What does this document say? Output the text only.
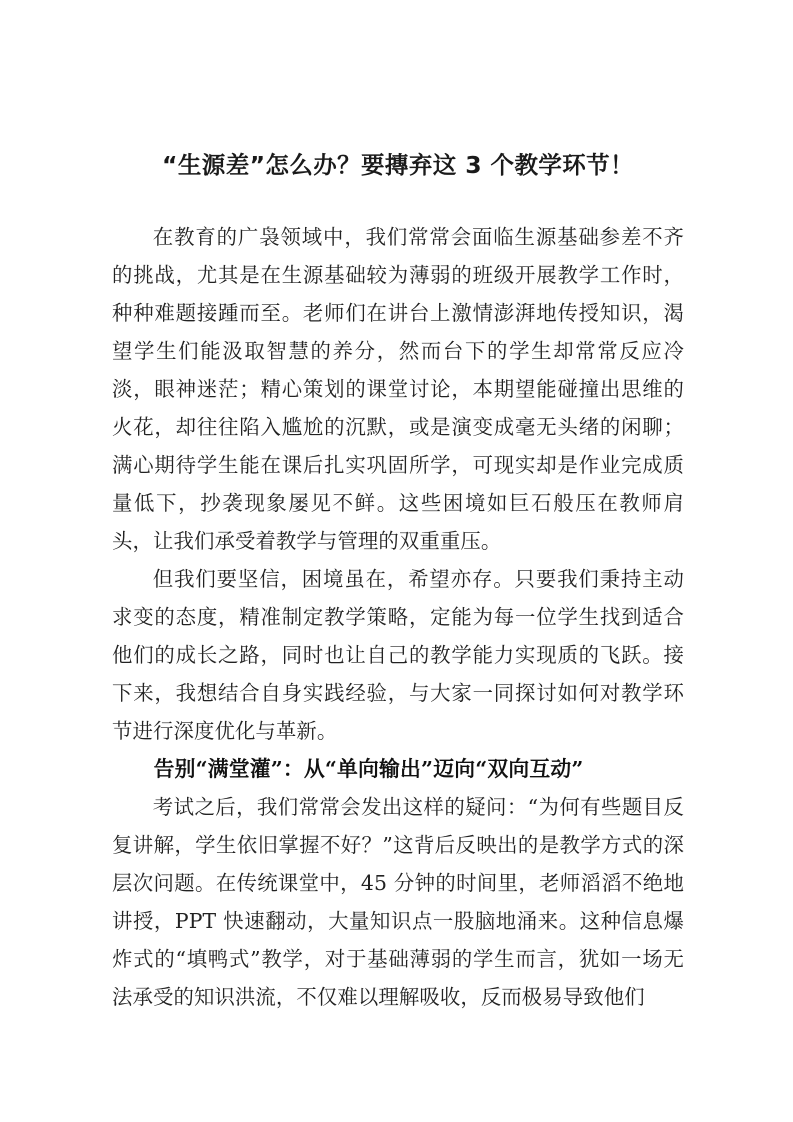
“生源差”怎么办？要摶弃这 3 个教学环节！

在教育的广袅领域中，我们常常会面临生源基础参差不齐的挑战，尤其是在生源基础较为薄弱的班级开展教学工作时，种种难题接踵而至。老师们在讲台上激情澎湃地传授知识，渴望学生们能汲取智慧的养分，然而台下的学生却常常反应冷淡，眼神迷茫；精心策划的课堂讨论，本期望能碰撞出思维的火花，却往往陷入尴尬的沉默，或是演变成毫无头绪的闲聊；满心期待学生能在课后扎实巩固所学，可现实却是作业完成质量低下，抄袭现象屡见不鲜。这些困境如巨石般压在教师肩头，让我们承受着教学与管理的双重重压。

但我们要坚信，困境虽在，希望亦存。只要我们秉持主动求变的态度，精准制定教学策略，定能为每一位学生找到适合他们的成长之路，同时也让自己的教学能力实现质的飞跃。接下来，我想结合自身实践经验，与大家一同探讨如何对教学环节进行深度优化与革新。

告别“满堂灌”：从“单向输出”迈向“双向互动”

考试之后，我们常常会发出这样的疑问：“为何有些题目反复讲解，学生依旧掌握不好？”这背后反映出的是教学方式的深层次问题。在传统课堂中，45 分钟的时间里，老师滔滔不绝地讲授，PPT 快速翻动，大量知识点一股脑地涌来。这种信息爆炸式的“填鸭式”教学，对于基础薄弱的学生而言，犹如一场无法承受的知识洪流，不仅难以理解吸收，反而极易导致他们
